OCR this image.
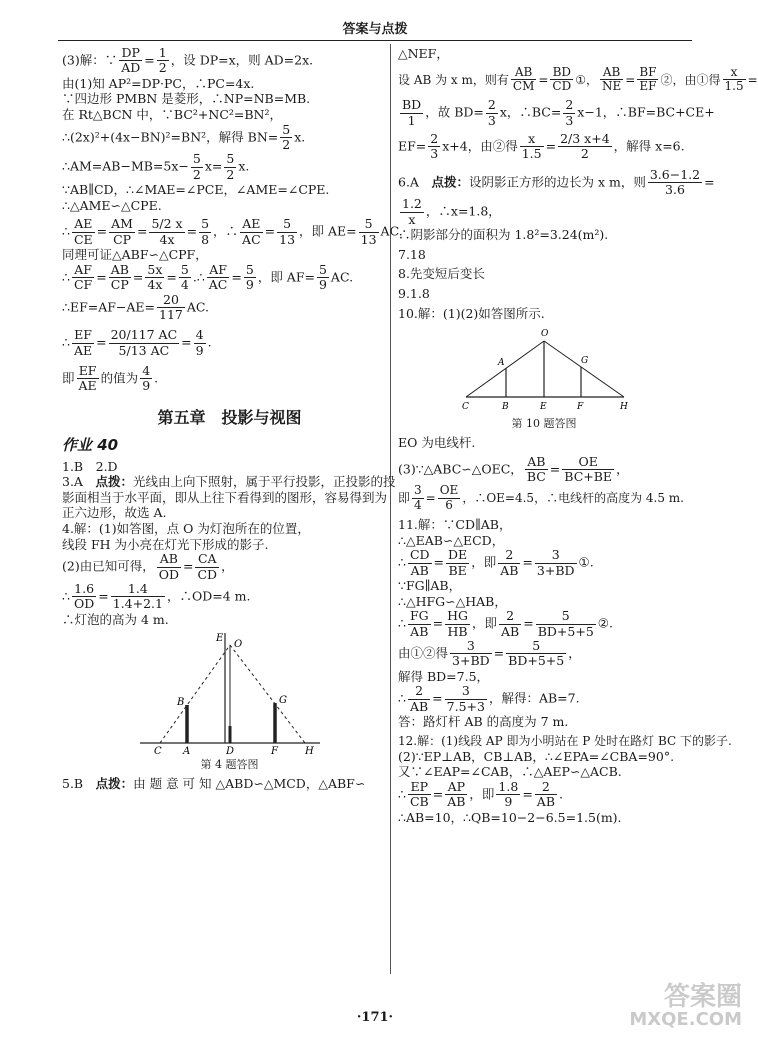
答案与点拨
(3)解：∵ $\frac{DP}{AD} = \frac{1}{2}$ ，设 DP=x，则 AD=2x.
由(1)知 AP²=DP·PC，∴PC=4x.
∵四边形 PMBN 是菱形，∴NP=NB=MB.
在 Rt△BCN 中，∵BC²+NC²=BN²，
∴(2x)²+(4x−BN)²=BN²，解得 $BN= \frac{5}{2} x$.
∴AM=AB−MB=5x− $\frac{5}{2} x= \frac{5}{2} x$.
∵AB∥CD，∴∠MAE=∠PCE，∠AME=∠CPE.
∴△AME∽△CPE.
∴ $\frac{AE}{CE} = \frac{AM}{CP} = \frac{5/2 x}{4x} = \frac{5}{8}$ ，∴ $\frac{AE}{AC} = \frac{5}{13}$ ，即 $AE= \frac{5}{13}$ AC.
同理可证△ABF∽△CPF，
∴ $\frac{AF}{CF} = \frac{AB}{CP} = \frac{5x}{4x} = \frac{5}{4}$ .∴ $\frac{AF}{AC} = \frac{5}{9}$ ，即 $AF= \frac{5}{9}$ AC.
∴EF=AF−AE= $\frac{20}{117}$ AC.
∴ $\frac{EF}{AE} = \frac{20/117 AC}{5/13 AC} = \frac{4}{9}$ .
即 $\frac{EF}{AE}$ 的值为 $\frac{4}{9}$ .
第五章　投影与视图
作业 40
1.B　2.D
3.A　点拨：光线由上向下照射，属于平行投影，正投影的投
影面相当于水平面，即从上往下看得到的图形，容易得到为
正六边形，故选 A.
4.解：(1)如答图，点 O 为灯泡所在的位置，
线段 FH 为小亮在灯光下形成的影子.
(2)由已知可得， $\frac{AB}{OD} = \frac{CA}{CD}$ ，
∴ $\frac{1.6}{OD} = \frac{1.4}{1.4+2.1}$ ，∴OD=4 m.
∴灯泡的高为 4 m.
E
O
B	G
C A	D	F	H
第 4 题答图
5.B　点拨：由 题 意 可 知 △ABD∽△MCD，△ABF∽
△NEF，
设 AB 为 x m，则有 $\frac{AB}{CM} = \frac{BD}{CD}$ ①， $\frac{AB}{NE} = \frac{BF}{EF}$ ②，由①得 $\frac{x}{1.5}$ =
$\frac{BD}{1}$ ，故 $BD= \frac{2}{3}$ x，∴BC= $\frac{2}{3} x-1$，∴BF=BC+CE+
$EF= \frac{2}{3} x+4$，由②得 $\frac{x}{1.5} = \frac{2/3 x+4}{2}$ ，解得 x=6.
6.A　点拨：设阴影正方形的边长为 x m，则 $\frac{3.6-1.2}{3.6}$ =
$\frac{1.2}{x}$ ，∴x=1.8，
∴阴影部分的面积为 1.8²=3.24(m²).
7.18
8.先变短后变长
9.1.8
10.解：(1)(2)如答图所示.
O
A	G
C	B	E	F	H
第 10 题答图
EO 为电线杆.
(3)∵△ABC∽△OEC， $\frac{AB}{BC} = \frac{OE}{BC+BE}$ ，
即 $\frac{3}{4} = \frac{OE}{6}$ ，∴OE=4.5，∴电线杆的高度为 4.5 m.
11.解：∵CD∥AB，
∴△EAB∽△ECD，
∴ $\frac{CD}{AB} = \frac{DE}{BE}$ ，即 $\frac{2}{AB} = \frac{3}{3+BD}$ ①.
∵FG∥AB，
∴△HFG∽△HAB，
∴ $\frac{FG}{AB} = \frac{HG}{HB}$ ，即 $\frac{2}{AB} = \frac{5}{BD+5+5}$ ②.
由①②得 $\frac{3}{3+BD} = \frac{5}{BD+5+5}$ ，
解得 BD=7.5，
∴ $\frac{2}{AB} = \frac{3}{7.5+3}$ ，解得：AB=7.
答：路灯杆 AB 的高度为 7 m.
12.解：(1)线段 AP 即为小明站在 P 处时在路灯 BC 下的影子.
(2)∵EP⊥AB，CB⊥AB，∴∠EPA=∠CBA=90°.
又∵∠EAP=∠CAB，∴△AEP∽△ACB.
∴ $\frac{EP}{CB} = \frac{AP}{AB}$ ，即 $\frac{1.8}{9} = \frac{2}{AB}$ .
∴AB=10，∴QB=10−2−6.5=1.5(m).
·171·
答案圈
MXQE.COM
